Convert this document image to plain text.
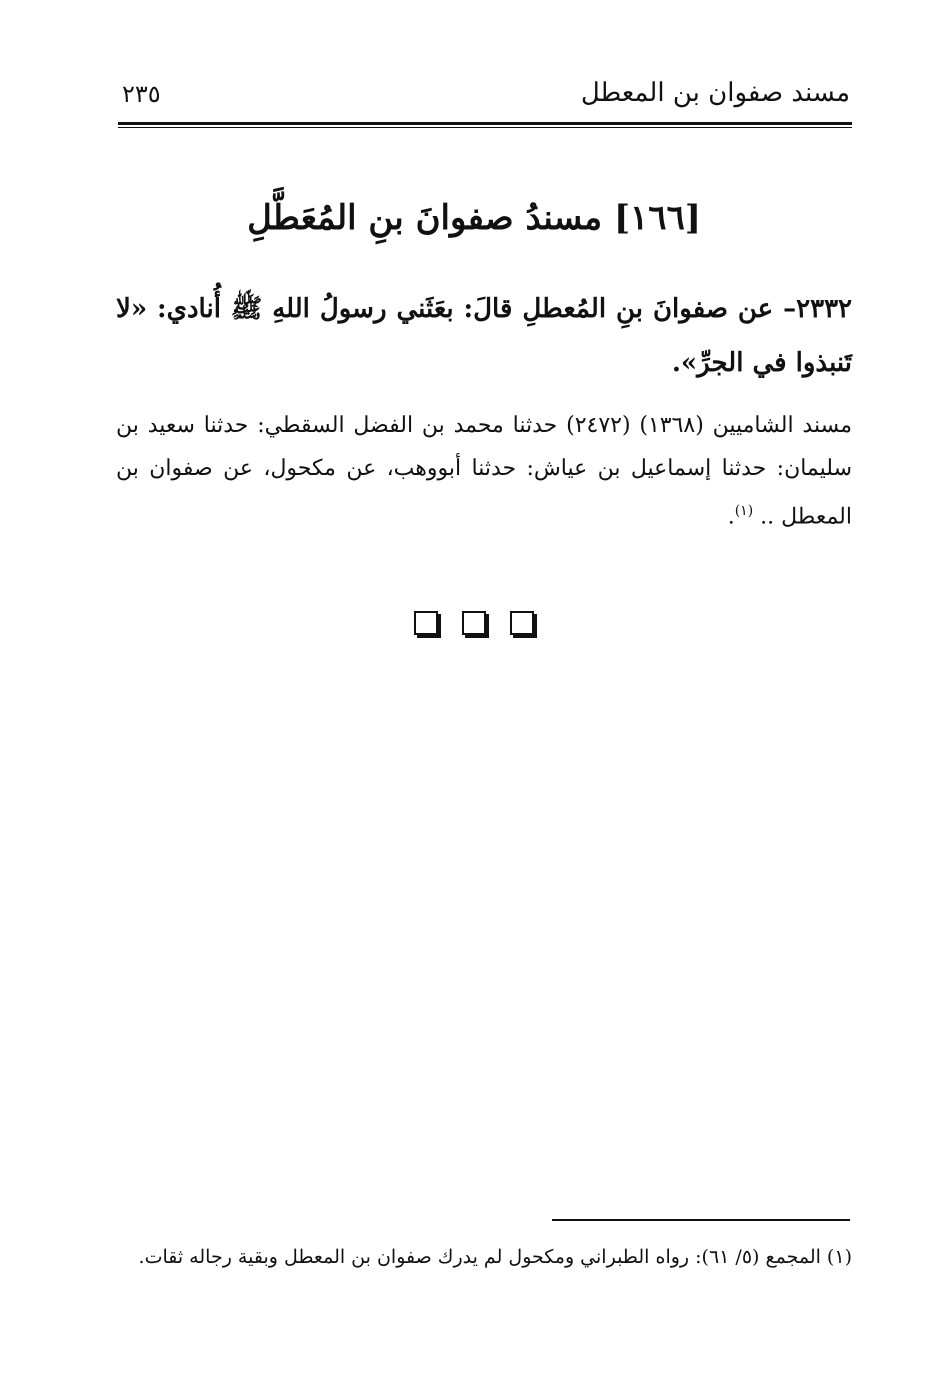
مسند صفوان بن المعطل
٢٣٥
[١٦٦] مسندُ صفوانَ بنِ المُعَطَّلِ
٢٣٣٢– عن صفوانَ بنِ المُعطلِ قالَ: بعَثَني رسولُ اللهِ ﷺ أُنادي: «لا تَنبذوا في الجرِّ».
مسند الشاميين (١٣٦٨) (٢٤٧٢) حدثنا محمد بن الفضل السقطي: حدثنا سعيد بن سليمان: حدثنا إسماعيل بن عياش: حدثنا أبووهب، عن مكحول، عن صفوان بن المعطل .. $^{(١)}$.
(١) المجمع (٥/ ٦١): رواه الطبراني ومكحول لم يدرك صفوان بن المعطل وبقية رجاله ثقات.
